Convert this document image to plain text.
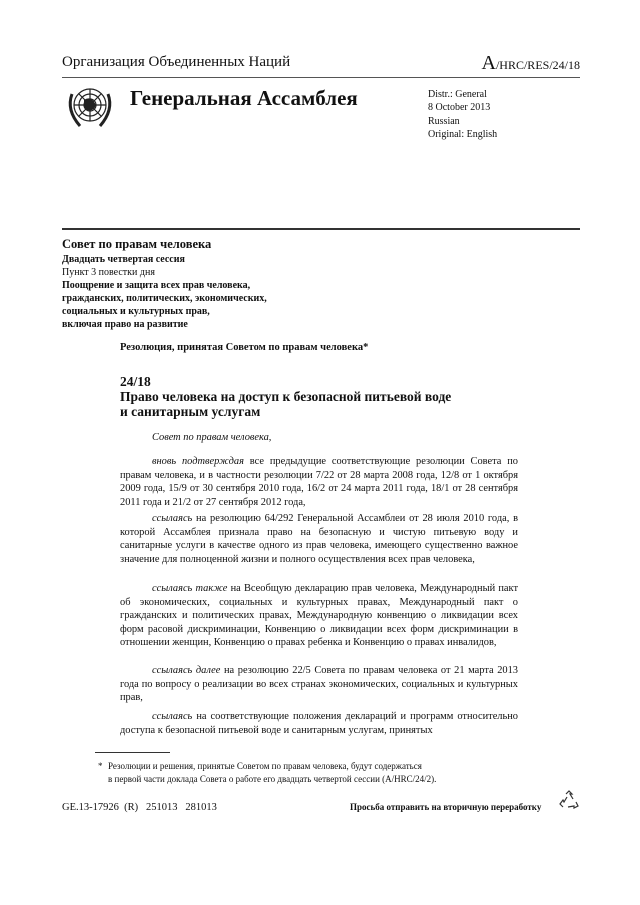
Организация Объединенных Наций	A/HRC/RES/24/18
Генеральная Ассамблея	Distr.: General
8 October 2013
Russian
Original: English
Совет по правам человека
Двадцать четвертая сессия
Пункт 3 повестки дня
Поощрение и защита всех прав человека,
гражданских, политических, экономических,
социальных и культурных прав,
включая право на развитие
Резолюция, принятая Советом по правам человека*
24/18
Право человека на доступ к безопасной питьевой воде
и санитарным услугам

Совет по правам человека,

вновь подтверждая все предыдущие соответствующие резолюции Совета по правам человека, и в частности резолюции 7/22 от 28 марта 2008 года, 12/8 от 1 октября 2009 года, 15/9 от 30 сентября 2010 года, 16/2 от 24 марта 2011 года, 18/1 от 28 сентября 2011 года и 21/2 от 27 сентября 2012 года,

ссылаясь на резолюцию 64/292 Генеральной Ассамблеи от 28 июля 2010 года, в которой Ассамблея признала право на безопасную и чистую питьевую воду и санитарные услуги в качестве одного из прав человека, имеющего существенно важное значение для полноценной жизни и полного осуществления всех прав человека,

ссылаясь также на Всеобщую декларацию прав человека, Международный пакт об экономических, социальных и культурных правах, Международный пакт о гражданских и политических правах, Международную конвенцию о ликвидации всех форм расовой дискриминации, Конвенцию о ликвидации всех форм дискриминации в отношении женщин, Конвенцию о правах ребенка и Конвенцию о правах инвалидов,

ссылаясь далее на резолюцию 22/5 Совета по правам человека от 21 марта 2013 года по вопросу о реализации во всех странах экономических, социальных и культурных прав,

ссылаясь на соответствующие положения деклараций и программ относительно доступа к безопасной питьевой воде и санитарным услугам, принятых

* Резолюции и решения, принятые Советом по правам человека, будут содержаться
в первой части доклада Совета о работе его двадцать четвертой сессии (A/HRC/24/2).
GE.13-17926  (R)   251013   281013	Просьба отправить на вторичную переработку
